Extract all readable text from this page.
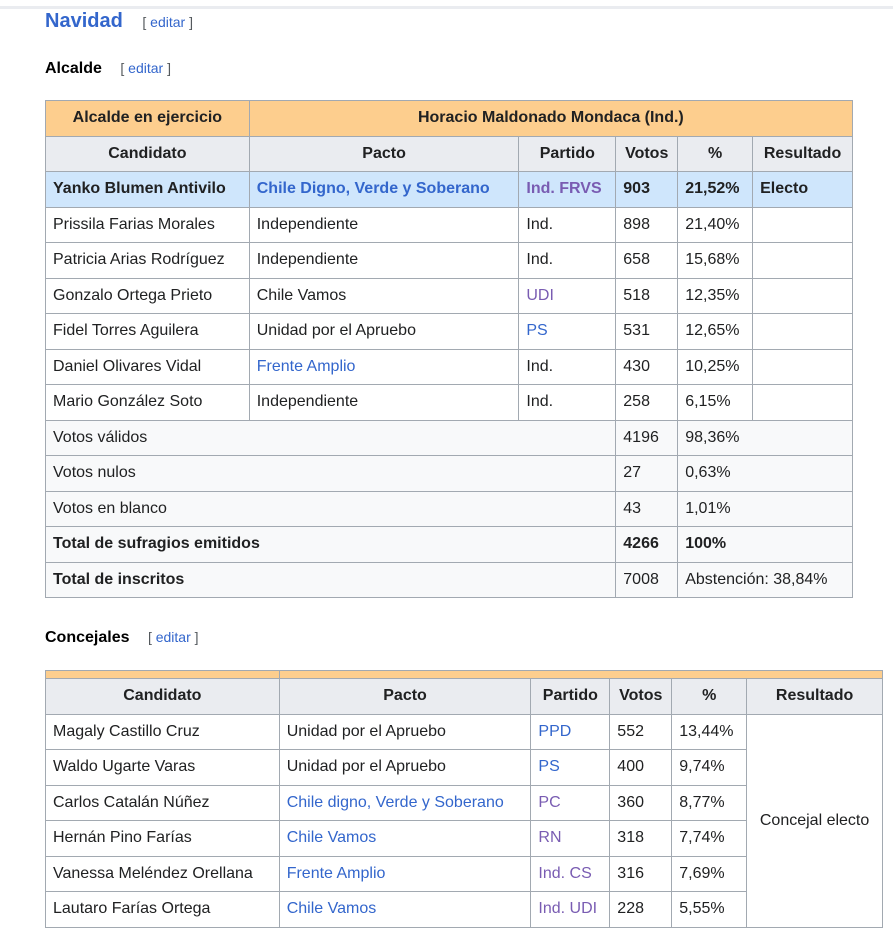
Navidad [ editar ]
Alcalde [ editar ]
Alcalde en ejercicio	Horacio Maldonado Mondaca (Ind.)				
Candidato	Pacto	Partido	Votos	%	Resultado
Yanko Blumen Antivilo	Chile Digno, Verde y Soberano	Ind. FRVS	903	21,52%	Electo
Prissila Farias Morales	Independiente	Ind.	898	21,40%	
Patricia Arias Rodríguez	Independiente	Ind.	658	15,68%	
Gonzalo Ortega Prieto	Chile Vamos	UDI	518	12,35%	
Fidel Torres Aguilera	Unidad por el Apruebo	PS	531	12,65%	
Daniel Olivares Vidal	Frente Amplio	Ind.	430	10,25%	
Mario González Soto	Independiente	Ind.	258	6,15%	
Votos válidos			4196	98,36%	
Votos nulos			27	0,63%	
Votos en blanco			43	1,01%	
Total de sufragios emitidos			4266	100%	
Total de inscritos			7008	Abstención: 38,84%	
Concejales [ editar ]

Candidato	Pacto	Partido	Votos	%	Resultado
Magaly Castillo Cruz	Unidad por el Apruebo	PPD	552	13,44%	Concejal electo
Waldo Ugarte Varas	Unidad por el Apruebo	PS	400	9,74%	
Carlos Catalán Núñez	Chile digno, Verde y Soberano	PC	360	8,77%	
Hernán Pino Farías	Chile Vamos	RN	318	7,74%	
Vanessa Meléndez Orellana	Frente Amplio	Ind. CS	316	7,69%	
Lautaro Farías Ortega	Chile Vamos	Ind. UDI	228	5,55%	
